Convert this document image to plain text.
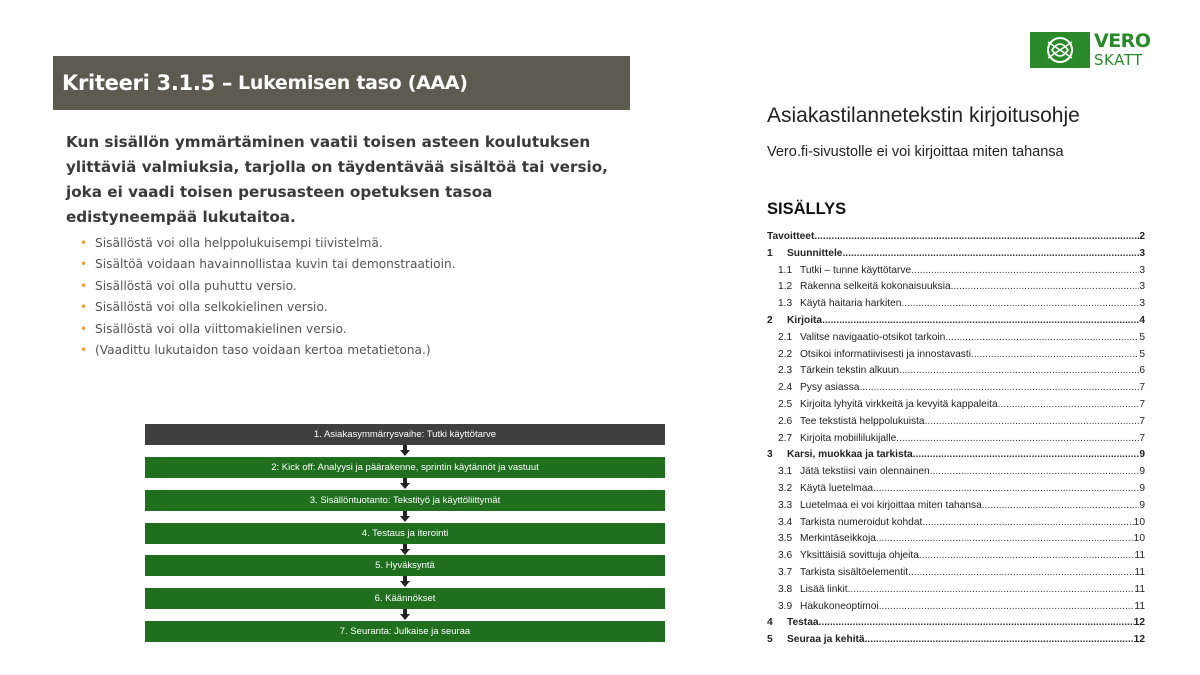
Kriteeri 3.1.5 – Lukemisen taso (AAA)
Kun sisällön ymmärtäminen vaatii toisen asteen koulutuksen ylittäviä valmiuksia, tarjolla on täydentävää sisältöä tai versio, joka ei vaadi toisen perusasteen opetuksen tasoa edistyneempää lukutaitoa.
• Sisällöstä voi olla helppolukuisempi tiivistelmä.
• Sisältöä voidaan havainnollistaa kuvin tai demonstraatioin.
• Sisällöstä voi olla puhuttu versio.
• Sisällöstä voi olla selkokielinen versio.
• Sisällöstä voi olla viittomakielinen versio.
• (Vaadittu lukutaidon taso voidaan kertoa metatietona.)
1. Asiakasymmärrysvaihe: Tutki käyttötarve
2: Kick off: Analyysi ja päärakenne, sprintin käytännöt ja vastuut
3. Sisällöntuotanto: Tekstityö ja käyttöliittymät
4. Testaus ja iterointi
5. Hyväksyntä
6. Käännökset
7. Seuranta: Julkaise ja seuraa
VERO
SKATT
Asiakastilannetekstin kirjoitusohje
Vero.fi-sivustolle ei voi kirjoittaa miten tahansa
SISÄLLYS
Tavoitteet .....	2
1	Suunnittele .....	3
1.1 Tutki – tunne käyttötarve .....	3
1.2 Rakenna selkeitä kokonaisuuksia .....	3
1.3 Käytä haitaria harkiten .....	3
2	Kirjoita .....	4
2.1 Valitse navigaatio-otsikot tarkoin .....	5
2.2 Otsikoi informatiivisesti ja innostavasti .....	5
2.3 Tärkein tekstin alkuun .....	6
2.4 Pysy asiassa .....	7
2.5 Kirjoita lyhyitä virkkeitä ja kevyitä kappaleita .....	7
2.6 Tee tekstistä helppolukuista .....	7
2.7 Kirjoita mobiililukijalle .....	7
3	Karsi, muokkaa ja tarkista .....	9
3.1 Jätä tekstiisi vain olennainen .....	9
3.2 Käytä luetelmaa .....	9
3.3 Luetelmaa ei voi kirjoittaa miten tahansa .....	9
3.4 Tarkista numeroidut kohdat .....	10
3.5 Merkintäseikkoja .....	10
3.6 Yksittäisiä sovittuja ohjeita .....	11
3.7 Tarkista sisältöelementit .....	11
3.8 Lisää linkit .....	11
3.9 Hakukoneoptimoi .....	11
4	Testaa .....	12
5	Seuraa ja kehitä .....	12
